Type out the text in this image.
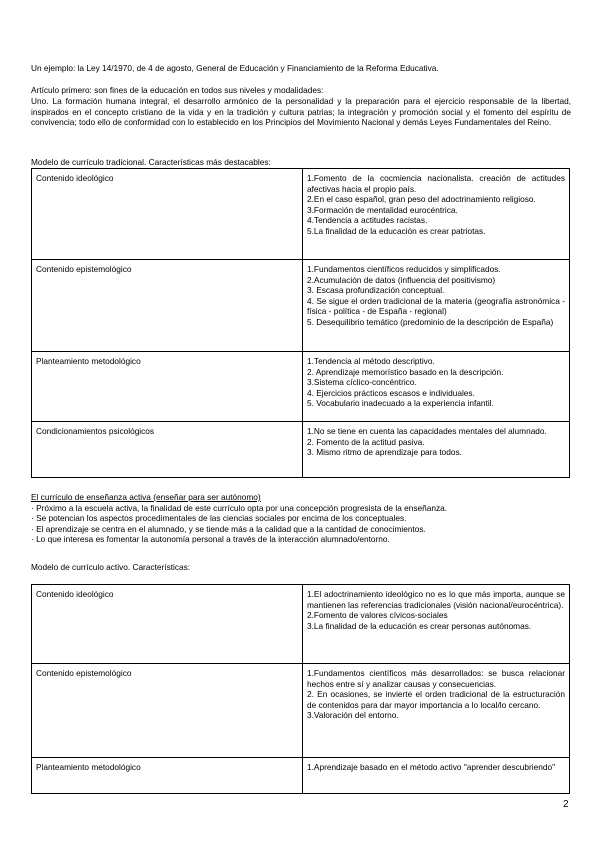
Un ejemplo: la Ley 14/1970, de 4 de agosto, General de Educación y Financiamiento de la Reforma Educativa.

Artículo primero: son fines de la educación en todos sus niveles y modalidades:

Uno. La formación humana integral, el desarrollo armónico de la personalidad y la preparación para el ejercicio responsable de la libertad, inspirados en el concepto cristiano de la vida y en la tradición y cultura patrias; la integración y promoción social y el fomento del espíritu de convivencia; todo ello de conformidad con lo establecido en los Principios del Movimiento Nacional y demás Leyes Fundamentales del Reino.

Modelo de currículo tradicional. Características más destacables:

Contenido ideológico	1.Fomento de la cocmiencia nacionalista. creación de actitudes afectivas hacia el propio país.
2.En el caso español, gran peso del adoctrinamiento religioso.
3.Formación de mentalidad eurocéntrica.
4.Tendencia a actitudes racistas.
5.La finalidad de la educación es crear patriotas.

Contenido epistemológico	1.Fundamentos científicos reducidos y simplificados.
2.Acumulación de datos (influencia del positivismo)
3. Escasa profundización conceptual.
4. Se sigue el orden tradicional de la materia (geografía astronómica - física - política - de España - regional)
5. Desequilibrio temático (predominio de la descripción de España)

Planteamiento metodológico	1.Tendencia al método descriptivo.
2. Aprendizaje memorístico basado en la descripción.
3.Sistema cíclico-concéntrico.
4. Ejercicios prácticos escasos e individuales.
5. Vocabulario inadecuado a la experiencia infantil.

Condicionamientos psicológicos	1.No se tiene en cuenta las capacidades mentales del alumnado.
2. Fomento de la actitud pasiva.
3. Mismo ritmo de aprendizaje para todos.

El currículo de enseñanza activa (enseñar para ser autónomo)

· Próximo a la escuela activa, la finalidad de este currículo opta por una concepción progresista de la enseñanza.

· Se potencian los aspectos procedimentales de las ciencias sociales por encima de los conceptuales.

· El aprendizaje se centra en el alumnado, y se tiende más a la calidad que a la cantidad de conocimientos.

· Lo que interesa es fomentar la autonomía personal a través de la interacción alumnado/entorno.

Modelo de currículo activo. Características:

Contenido ideológico	1.El adoctrinamiento ideológico no es lo que más importa, aunque se mantienen las referencias tradicionales (visión nacional/eurocéntrica).
2.Fomento de valores cívicos-sociales
3.La finalidad de la educación es crear personas autónomas.

Contenido epistemológico	1.Fundamentos científicos más desarrollados: se busca relacionar hechos entre sí y analizar causas y consecuencias.
2. En ocasiones, se invierte el orden tradicional de la estructuración de contenidos para dar mayor importancia a lo local/lo cercano.
3.Valoración del entorno.

Planteamiento metodológico	1.Aprendizaje basado en el método activo "aprender descubriendo"
2
